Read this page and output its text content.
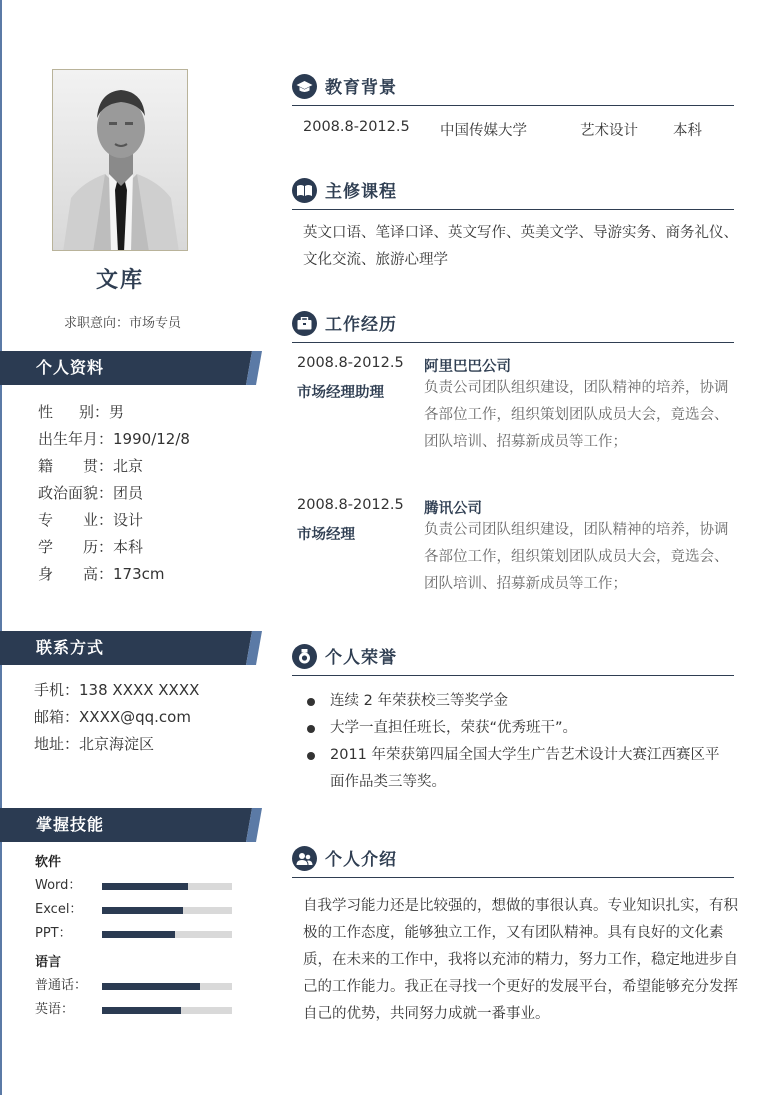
文库
求职意向：市场专员
个人资料
性别 ： 男
出生年月 ： 1990/12/8
籍贯 ： 北京
政治面貌 ： 团员
专业 ： 设计
学历 ： 本科
身高 ： 173cm
联系方式
手机：138 XXXX XXXX
邮箱：XXXX@qq.com
地址：北京海淀区
掌握技能
软件
Word：
Excel：
PPT：
语言
普通话：
英语：
教育背景
2008.8-2012.5 中国传媒大学	艺术设计 本科
主修课程
英文口语、笔译口译、英文写作、英美文学、导游实务、商务礼仪、文化交流、旅游心理学
工作经历
2008.8-2012.5 阿里巴巴公司
市场经理助理	负责公司团队组织建设，团队精神的培养，协调各部位工作，组织策划团队成员大会，竟选会、团队培训、招募新成员等工作；
2008.8-2012.5 腾讯公司
市场经理	负责公司团队组织建设，团队精神的培养，协调各部位工作，组织策划团队成员大会，竟选会、团队培训、招募新成员等工作；
个人荣誉
连续 2 年荣获校三等奖学金
大学一直担任班长，荣获“优秀班干”。
2011 年荣获第四届全国大学生广告艺术设计大赛江西赛区平 面作品类三等奖。
个人介绍
自我学习能力还是比较强的，想做的事很认真。专业知识扎实，有积极的工作态度，能够独立工作，又有团队精神。具有良好的文化素质，在未来的工作中，我将以充沛的精力，努力工作，稳定地进步自己的工作能力。我正在寻找一个更好的发展平台，希望能够充分发挥自己的优势，共同努力成就一番事业。
